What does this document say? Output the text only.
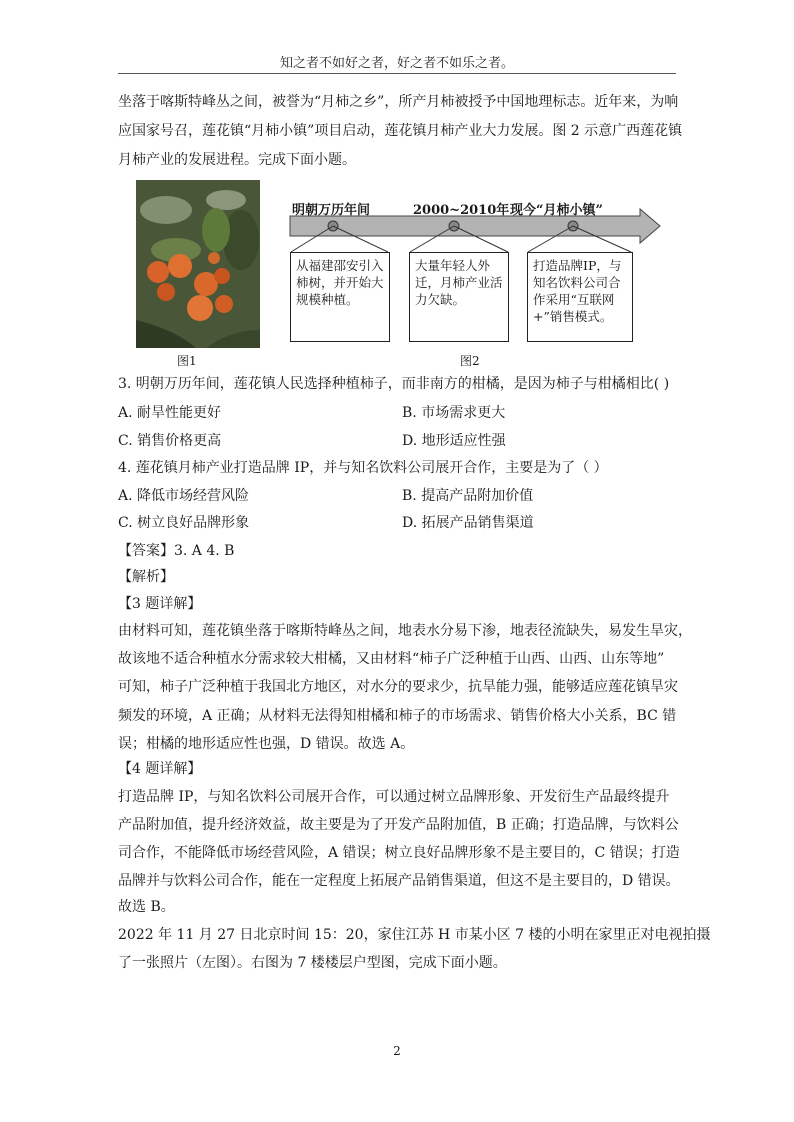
知之者不如好之者，好之者不如乐之者。
坐落于喀斯特峰丛之间，被誉为“月柿之乡”，所产月柿被授予中国地理标志。近年来，为响
应国家号召，莲花镇“月柿小镇”项目启动，莲花镇月柿产业大力发展。图 2 示意广西莲花镇
月柿产业的发展进程。完成下面小题。
图1
明朝万历年间	2000~2010年 现今“月柿小镇”
从福建邵安引入柿树，并开始大规模种植。
大量年轻人外迁，月柿产业活力欠缺。
打造品牌IP，与知名饮料公司合作采用“互联网+”销售模式。
图2
3. 明朝万历年间，莲花镇人民选择种植柿子，而非南方的柑橘，是因为柿子与柑橘相比( )
A. 耐旱性能更好	B. 市场需求更大
C. 销售价格更高	D. 地形适应性强
4. 莲花镇月柿产业打造品牌 IP，并与知名饮料公司展开合作，主要是为了（ ）
A. 降低市场经营风险	B. 提高产品附加价值
C. 树立良好品牌形象	D. 拓展产品销售渠道
【答案】3. A 4. B
【解析】
【3 题详解】
由材料可知，莲花镇坐落于喀斯特峰丛之间，地表水分易下渗，地表径流缺失，易发生旱灾，
故该地不适合种植水分需求较大柑橘，又由材料“柿子广泛种植于山西、山西、山东等地”
可知，柿子广泛种植于我国北方地区，对水分的要求少，抗旱能力强，能够适应莲花镇旱灾
频发的环境，A 正确；从材料无法得知柑橘和柿子的市场需求、销售价格大小关系，BC 错
误；柑橘的地形适应性也强，D 错误。故选 A。
【4 题详解】
打造品牌 IP，与知名饮料公司展开合作，可以通过树立品牌形象、开发衍生产品最终提升
产品附加值，提升经济效益，故主要是为了开发产品附加值，B 正确；打造品牌，与饮料公
司合作，不能降低市场经营风险，A 错误；树立良好品牌形象不是主要目的，C 错误；打造
品牌并与饮料公司合作，能在一定程度上拓展产品销售渠道，但这不是主要目的，D 错误。
故选 B。
2022 年 11 月 27 日北京时间 15：20，家住江苏 H 市某小区 7 楼的小明在家里正对电视拍摄
了一张照片（左图）。右图为 7 楼楼层户型图，完成下面小题。
2
